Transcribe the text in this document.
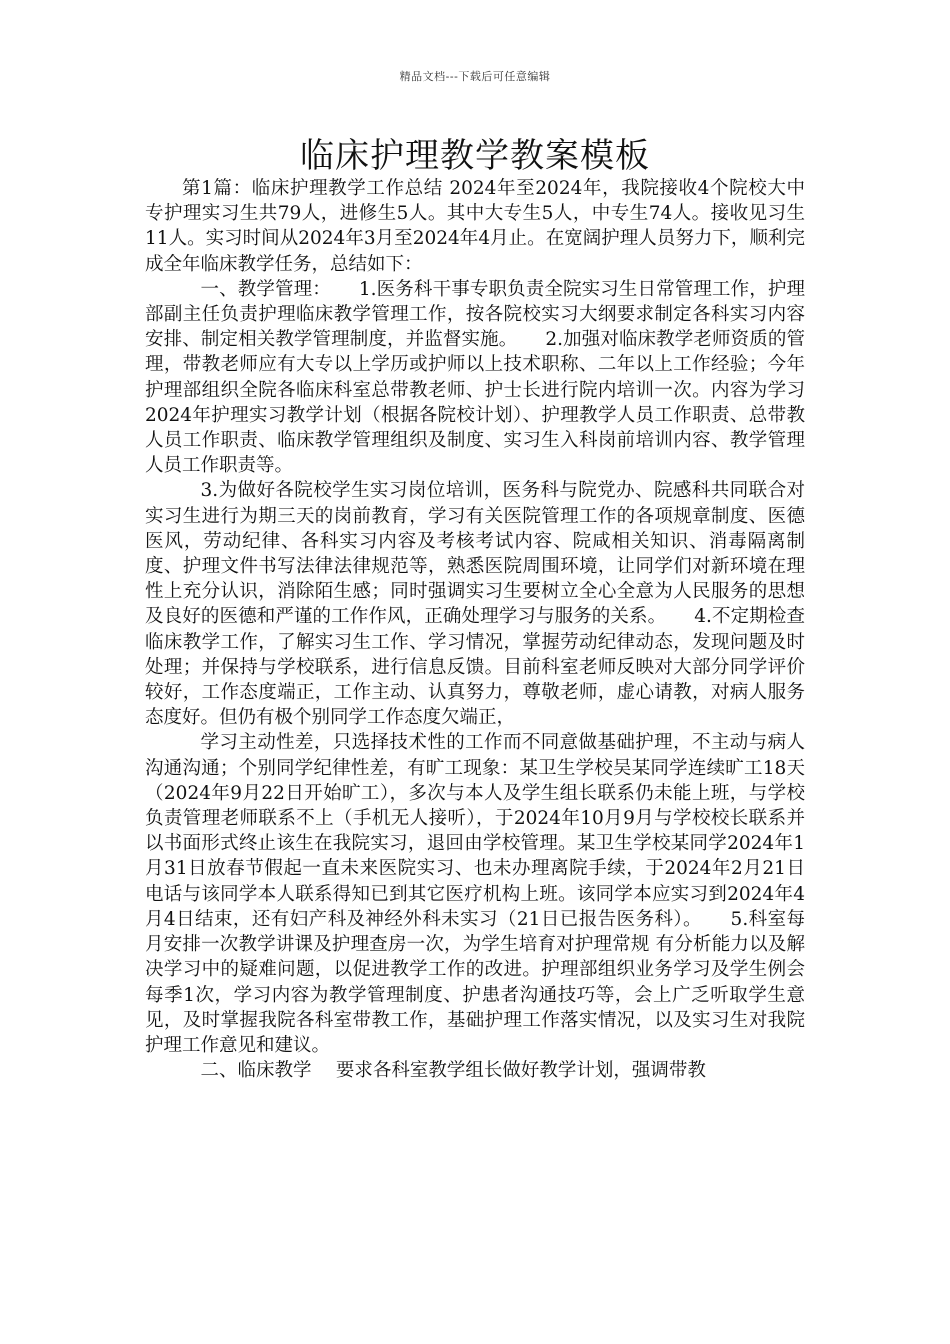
精品文档---下载后可任意编辑
临床护理教学教案模板

第1篇：临床护理教学工作总结 2024年至2024年，我院接收4个院校大中专护理实习生共79人，进修生5人。其中大专生5人，中专生74人。接收见习生11人。实习时间从2024年3月至2024年4月止。在宽阔护理人员努力下，顺利完成全年临床教学任务，总结如下：

一、教学管理：　　1.医务科干事专职负责全院实习生日常管理工作，护理部副主任负责护理临床教学管理工作，按各院校实习大纲要求制定各科实习内容安排、制定相关教学管理制度，并监督实施。　　2.加强对临床教学老师资质的管理，带教老师应有大专以上学历或护师以上技术职称、二年以上工作经验；今年护理部组织全院各临床科室总带教老师、护士长进行院内培训一次。内容为学习2024年护理实习教学计划（根据各院校计划）、护理教学人员工作职责、总带教人员工作职责、临床教学管理组织及制度、实习生入科岗前培训内容、教学管理人员工作职责等。

3.为做好各院校学生实习岗位培训，医务科与院党办、院感科共同联合对实习生进行为期三天的岗前教育，学习有关医院管理工作的各项规章制度、医德医风，劳动纪律、各科实习内容及考核考试内容、院咸相关知识、消毒隔离制度、护理文件书写法律法律规范等，熟悉医院周围环境，让同学们对新环境在理性上充分认识，消除陌生感；同时强调实习生要树立全心全意为人民服务的思想及良好的医德和严谨的工作作风，正确处理学习与服务的关系。　　4.不定期检查临床教学工作，了解实习生工作、学习情况，掌握劳动纪律动态，发现问题及时处理；并保持与学校联系，进行信息反馈。目前科室老师反映对大部分同学评价较好，工作态度端正，工作主动、认真努力，尊敬老师，虚心请教，对病人服务态度好。但仍有极个别同学工作态度欠端正，

学习主动性差，只选择技术性的工作而不同意做基础护理，不主动与病人沟通沟通；个别同学纪律性差，有旷工现象：某卫生学校吴某同学连续旷工18天（2024年9月22日开始旷工），多次与本人及学生组长联系仍未能上班，与学校负责管理老师联系不上（手机无人接听），于2024年10月9月与学校校长联系并以书面形式终止该生在我院实习，退回由学校管理。某卫生学校某同学2024年1月31日放春节假起一直未来医院实习、也未办理离院手续，于2024年2月21日电话与该同学本人联系得知已到其它医疗机构上班。该同学本应实习到2024年4月4日结束，还有妇产科及神经外科未实习（21日已报告医务科）。　　5.科室每月安排一次教学讲课及护理查房一次，为学生培育对护理常规 有分析能力以及解决学习中的疑难问题，以促进教学工作的改进。护理部组织业务学习及学生例会每季1次，学习内容为教学管理制度、护患者沟通技巧等，会上广乏听取学生意见，及时掌握我院各科室带教工作，基础护理工作落实情况，以及实习生对我院护理工作意见和建议。

二、临床教学　 要求各科室教学组长做好教学计划，强调带教
